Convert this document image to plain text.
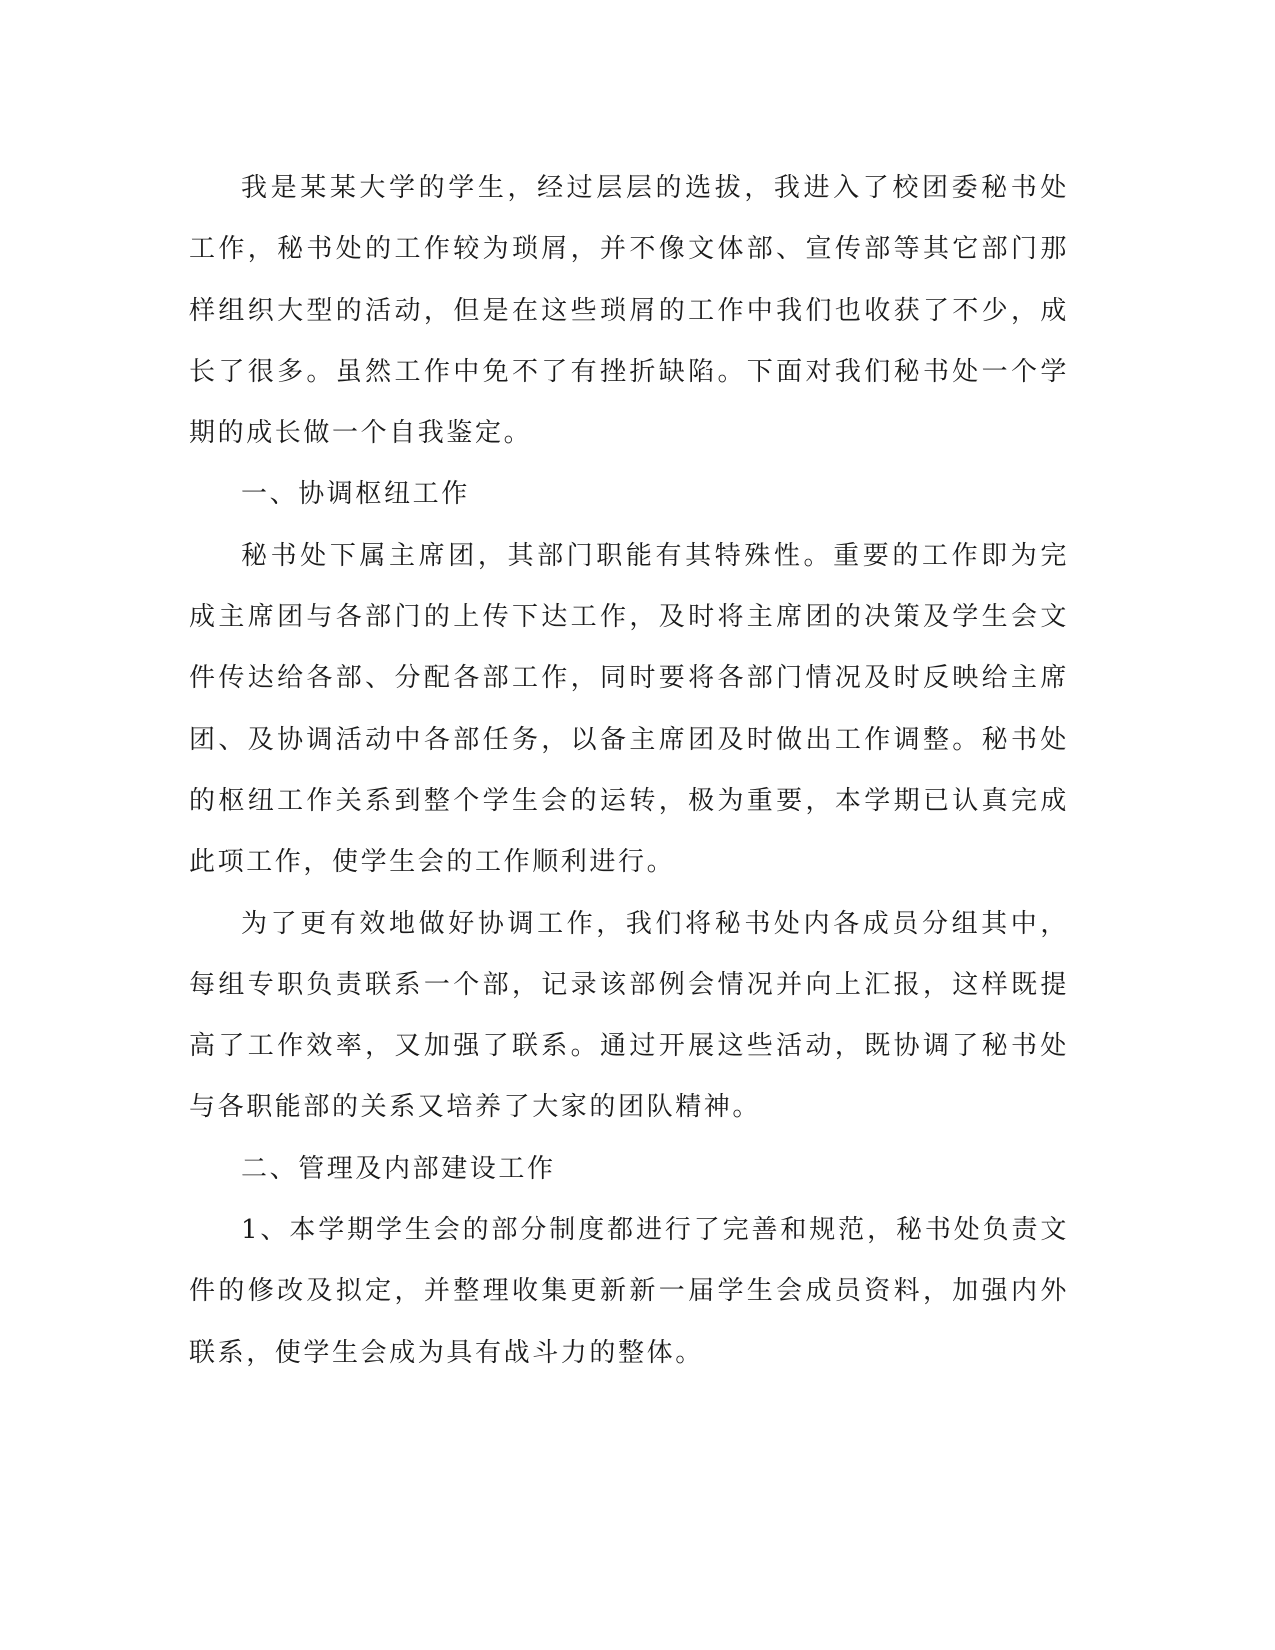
我是某某大学的学生，经过层层的选拔，我进入了校团委秘书处工作，秘书处的工作较为琐屑，并不像文体部、宣传部等其它部门那样组织大型的活动，但是在这些琐屑的工作中我们也收获了不少，成长了很多。虽然工作中免不了有挫折缺陷。下面对我们秘书处一个学期的成长做一个自我鉴定。

一、协调枢纽工作

秘书处下属主席团，其部门职能有其特殊性。重要的工作即为完成主席团与各部门的上传下达工作，及时将主席团的决策及学生会文件传达给各部、分配各部工作，同时要将各部门情况及时反映给主席团、及协调活动中各部任务，以备主席团及时做出工作调整。秘书处的枢纽工作关系到整个学生会的运转，极为重要，本学期已认真完成此项工作，使学生会的工作顺利进行。

为了更有效地做好协调工作，我们将秘书处内各成员分组其中，每组专职负责联系一个部，记录该部例会情况并向上汇报，这样既提高了工作效率，又加强了联系。通过开展这些活动，既协调了秘书处与各职能部的关系又培养了大家的团队精神。

二、管理及内部建设工作

1、本学期学生会的部分制度都进行了完善和规范，秘书处负责文件的修改及拟定，并整理收集更新新一届学生会成员资料，加强内外联系，使学生会成为具有战斗力的整体。
